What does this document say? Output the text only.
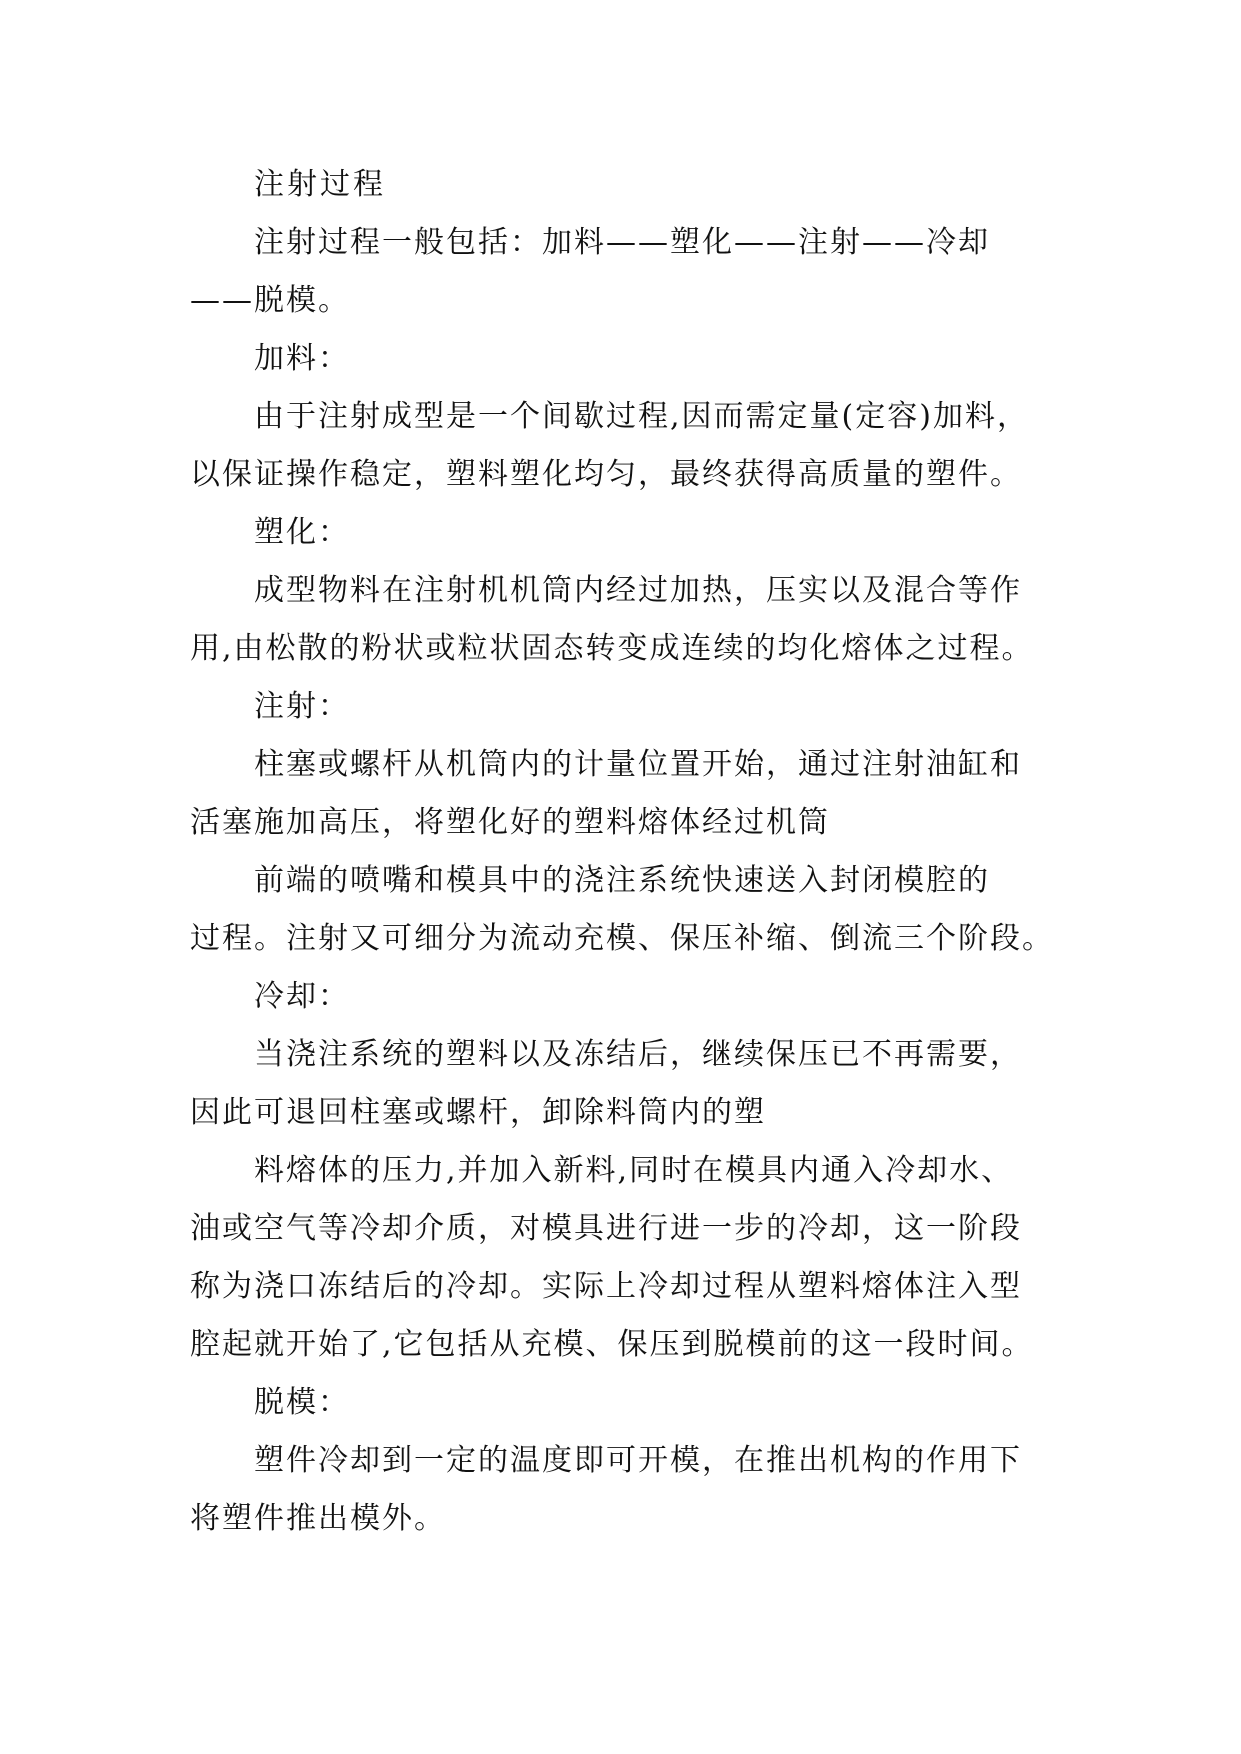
注射过程
注射过程一般包括：加料——塑化——注射——冷却
——脱模。
加料：
由于注射成型是一个间歇过程,因而需定量(定容)加料，
以保证操作稳定，塑料塑化均匀，最终获得高质量的塑件。
塑化：
成型物料在注射机机筒内经过加热，压实以及混合等作
用,由松散的粉状或粒状固态转变成连续的均化熔体之过程。
注射：
柱塞或螺杆从机筒内的计量位置开始，通过注射油缸和
活塞施加高压，将塑化好的塑料熔体经过机筒
前端的喷嘴和模具中的浇注系统快速送入封闭模腔的
过程。注射又可细分为流动充模、保压补缩、倒流三个阶段。
冷却：
当浇注系统的塑料以及冻结后，继续保压已不再需要，
因此可退回柱塞或螺杆，卸除料筒内的塑
料熔体的压力,并加入新料,同时在模具内通入冷却水、
油或空气等冷却介质，对模具进行进一步的冷却，这一阶段
称为浇口冻结后的冷却。实际上冷却过程从塑料熔体注入型
腔起就开始了,它包括从充模、保压到脱模前的这一段时间。
脱模：
塑件冷却到一定的温度即可开模，在推出机构的作用下
将塑件推出模外。
